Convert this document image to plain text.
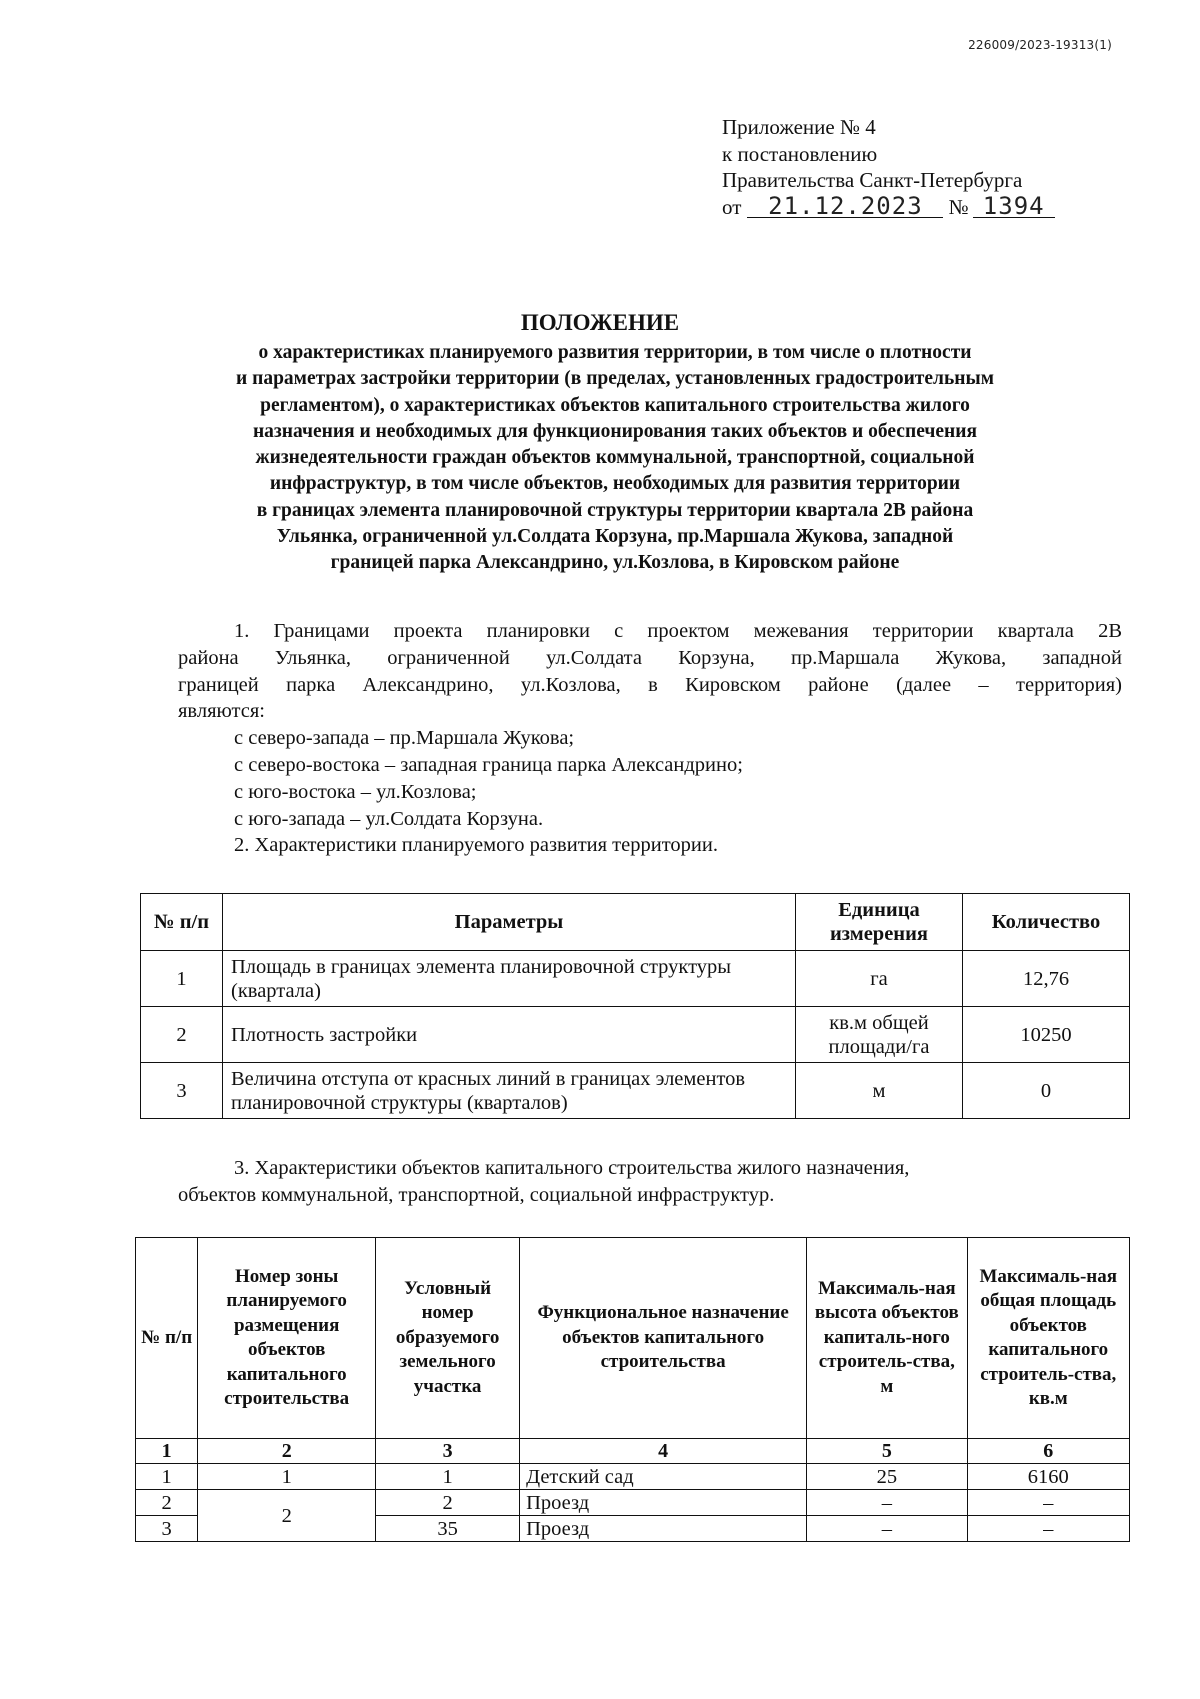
226009/2023-19313(1)
Приложение № 4
к постановлению
Правительства Санкт-Петербурга
от 21.12.2023 № 1394
ПОЛОЖЕНИЕ
о характеристиках планируемого развития территории, в том числе о плотности
и параметрах застройки территории (в пределах, установленных градостроительным
регламентом), о характеристиках объектов капитального строительства жилого
назначения и необходимых для функционирования таких объектов и обеспечения
жизнедеятельности граждан объектов коммунальной, транспортной, социальной
инфраструктур, в том числе объектов, необходимых для развития территории
в границах элемента планировочной структуры территории квартала 2В района
Ульянка, ограниченной ул.Солдата Корзуна, пр.Маршала Жукова, западной
границей парка Александрино, ул.Козлова, в Кировском районе
1. Границами проекта планировки с проектом межевания территории квартала 2В
района Ульянка, ограниченной ул.Солдата Корзуна, пр.Маршала Жукова, западной
границей парка Александрино, ул.Козлова, в Кировском районе (далее – территория)
являются:
с северо-запада – пр.Маршала Жукова;
с северо-востока – западная граница парка Александрино;
с юго-востока – ул.Козлова;
с юго-запада – ул.Солдата Корзуна.
2. Характеристики планируемого развития территории.
№ п/п	Параметры	Единица измерения	Количество
1	Площадь в границах элемента планировочной структуры (квартала)	га	12,76
2	Плотность застройки	кв.м общей площади/га	10250
3	Величина отступа от красных линий в границах элементов планировочной структуры (кварталов)	м	0
3. Характеристики объектов капитального строительства жилого назначения,
объектов коммунальной, транспортной, социальной инфраструктур.
№ п/п	Номер зоны планируемого размещения объектов капитального строительства	Условный номер образуемого земельного участка	Функциональное назначение объектов капитального строительства	Максималь-ная высота объектов капиталь-ного строитель-ства, м	Максималь-ная общая площадь объектов капитального строитель-ства, кв.м
1	2	3	4	5	6
1	1	1	Детский сад	25	6160
2	2	2	Проезд	–	–
3		35	Проезд	–	–
